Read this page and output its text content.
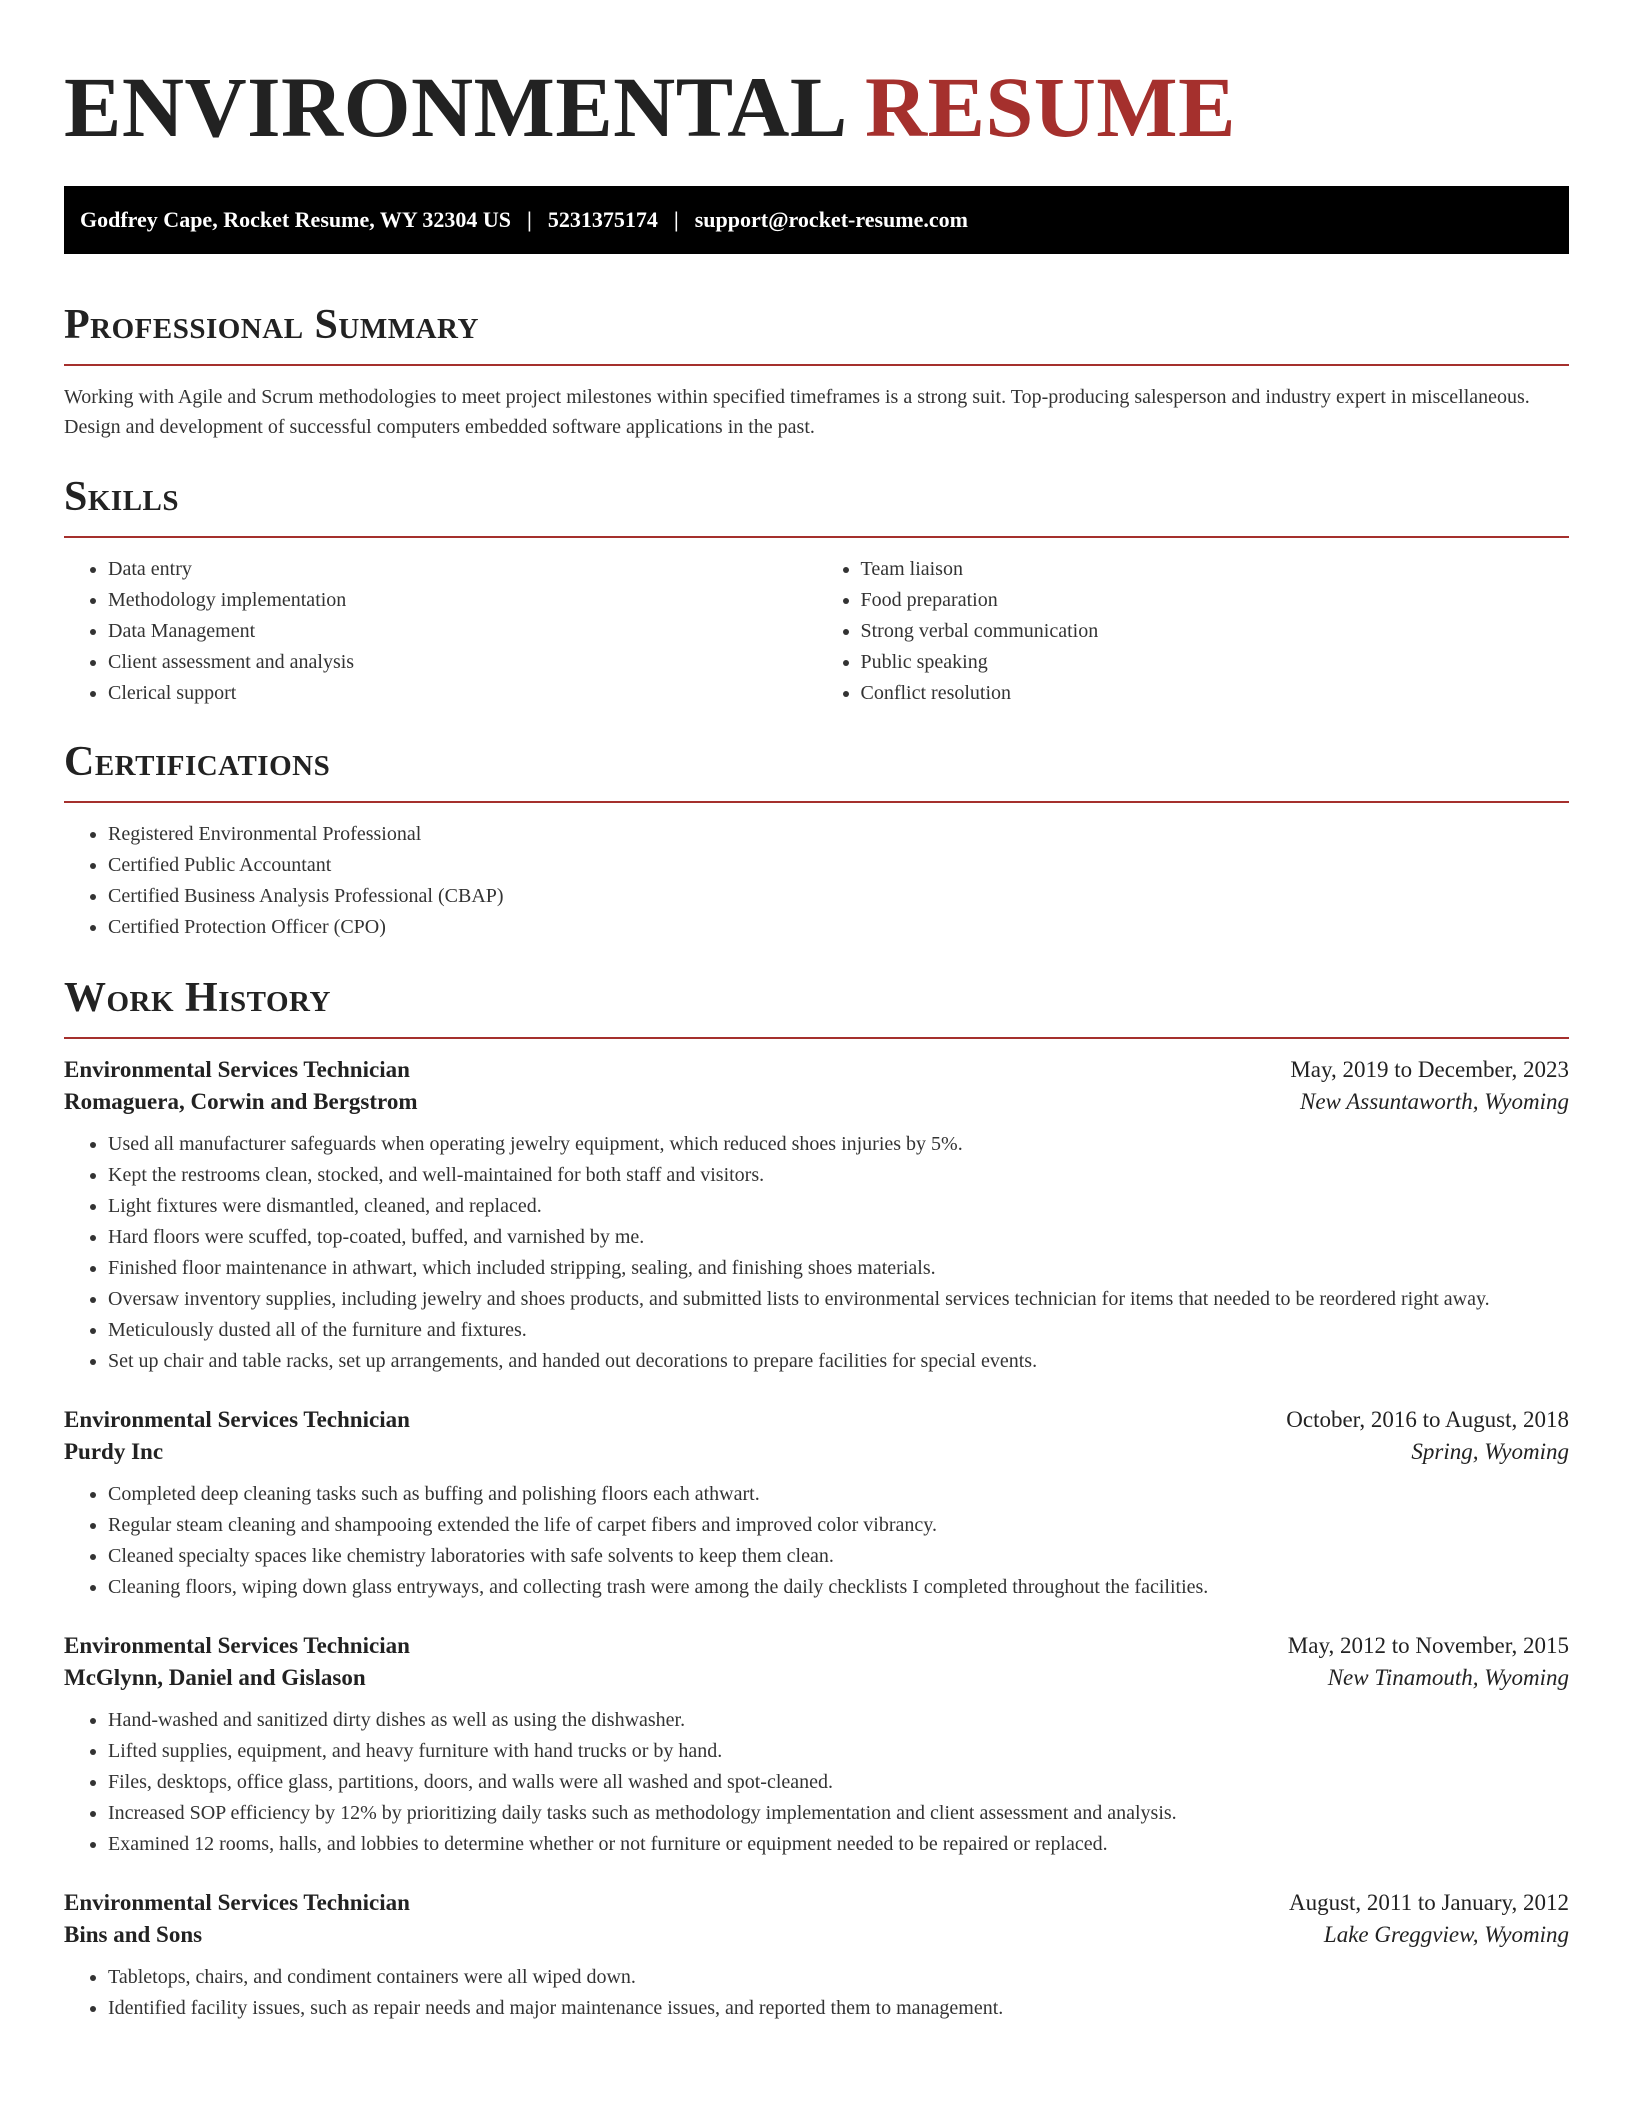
ENVIRONMENTAL RESUME
Godfrey Cape, Rocket Resume, WY 32304 US | 5231375174 | support@rocket-resume.com
Professional Summary

Working with Agile and Scrum methodologies to meet project milestones within specified timeframes is a strong suit. Top-producing salesperson and industry expert in miscellaneous. Design and development of successful computers embedded software applications in the past.

Skills
• Data entry
• Methodology implementation
• Data Management
• Client assessment and analysis
• Clerical support
• Team liaison
• Food preparation
• Strong verbal communication
• Public speaking
• Conflict resolution
Certifications
• Registered Environmental Professional
• Certified Public Accountant
• Certified Business Analysis Professional (CBAP)
• Certified Protection Officer (CPO)
Work History
Environmental Services Technician	May, 2019 to December, 2023
Romaguera, Corwin and Bergstrom	New Assuntaworth, Wyoming
• Used all manufacturer safeguards when operating jewelry equipment, which reduced shoes injuries by 5%.
• Kept the restrooms clean, stocked, and well-maintained for both staff and visitors.
• Light fixtures were dismantled, cleaned, and replaced.
• Hard floors were scuffed, top-coated, buffed, and varnished by me.
• Finished floor maintenance in athwart, which included stripping, sealing, and finishing shoes materials.
• Oversaw inventory supplies, including jewelry and shoes products, and submitted lists to environmental services technician for items that needed to be reordered right away.
• Meticulously dusted all of the furniture and fixtures.
• Set up chair and table racks, set up arrangements, and handed out decorations to prepare facilities for special events.
Environmental Services Technician	October, 2016 to August, 2018
Purdy Inc	Spring, Wyoming
• Completed deep cleaning tasks such as buffing and polishing floors each athwart.
• Regular steam cleaning and shampooing extended the life of carpet fibers and improved color vibrancy.
• Cleaned specialty spaces like chemistry laboratories with safe solvents to keep them clean.
• Cleaning floors, wiping down glass entryways, and collecting trash were among the daily checklists I completed throughout the facilities.
Environmental Services Technician	May, 2012 to November, 2015
McGlynn, Daniel and Gislason	New Tinamouth, Wyoming
• Hand-washed and sanitized dirty dishes as well as using the dishwasher.
• Lifted supplies, equipment, and heavy furniture with hand trucks or by hand.
• Files, desktops, office glass, partitions, doors, and walls were all washed and spot-cleaned.
• Increased SOP efficiency by 12% by prioritizing daily tasks such as methodology implementation and client assessment and analysis.
• Examined 12 rooms, halls, and lobbies to determine whether or not furniture or equipment needed to be repaired or replaced.
Environmental Services Technician	August, 2011 to January, 2012
Bins and Sons	Lake Greggview, Wyoming
• Tabletops, chairs, and condiment containers were all wiped down.
• Identified facility issues, such as repair needs and major maintenance issues, and reported them to management.
